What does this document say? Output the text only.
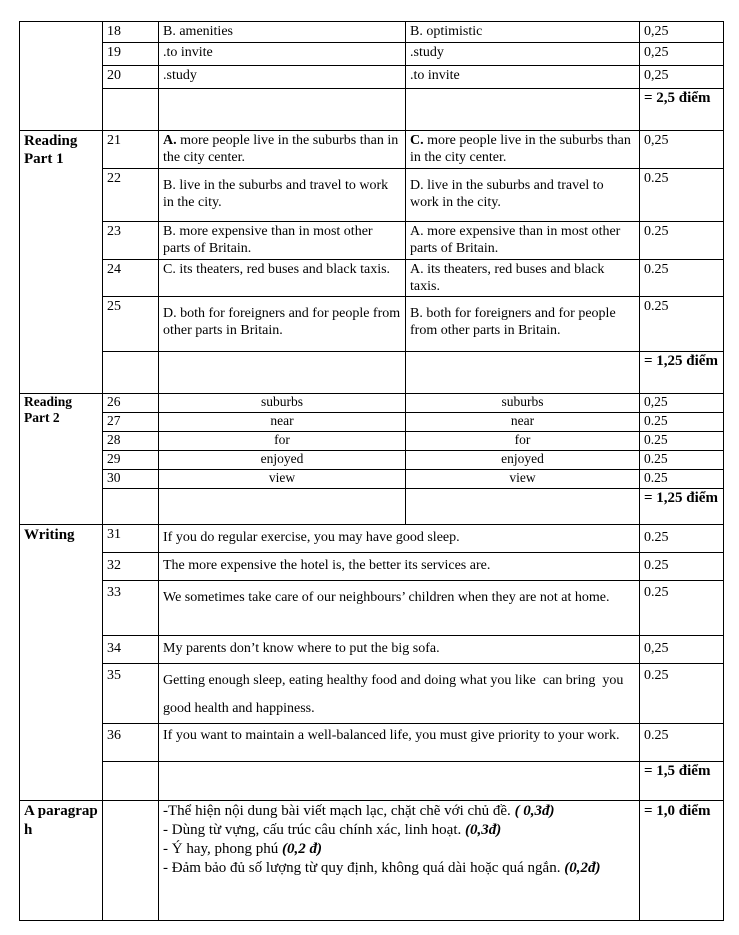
	18	B. amenities	B. optimistic	0,25
	19	.to invite	.study	0,25
	20	.study	.to invite	0,25
				= 2,5 điểm
Reading Part 1	21	A. more people live in the suburbs than in the city center.	C. more people live in the suburbs than in the city center.	0,25
	22	B. live in the suburbs and travel to work in the city.	D. live in the suburbs and travel to work in the city.	0.25
	23	B. more expensive than in most other parts of Britain.	A. more expensive than in most other parts of Britain.	0.25
	24	C. its theaters, red buses and black taxis.	A. its theaters, red buses and black taxis.	0.25
	25	D. both for foreigners and for people from other parts in Britain.	B. both for foreigners and for people from other parts in Britain.	0.25
				= 1,25 điểm
Reading Part 2	26	suburbs	suburbs	0,25
	27	near	near	0.25
	28	for	for	0.25
	29	enjoyed	enjoyed	0.25
	30	view	view	0.25
				= 1,25 điểm
Writing	31	If you do regular exercise, you may have good sleep.		0.25
	32	The more expensive the hotel is, the better its services are.		0.25
	33	We sometimes take care of our neighbours’ children when they are not at home.		0.25
	34	My parents don’t know where to put the big sofa.		0,25
	35	Getting enough sleep, eating healthy food and doing what you like  can bring  you  good health and happiness.		0.25
	36	If you want to maintain a well-balanced life, you must give priority to your work.		0.25
				= 1,5 điểm
A paragrap h		-Thể hiện nội dung bài viết mạch lạc, chặt chẽ với chủ đề. ( 0,3đ)
- Dùng từ vựng, cấu trúc câu chính xác, linh hoạt. (0,3đ)
- Ý hay, phong phú (0,2 đ)
- Đảm bảo đủ số lượng từ quy định, không quá dài hoặc quá ngắn. (0,2đ)		= 1,0 điểm
